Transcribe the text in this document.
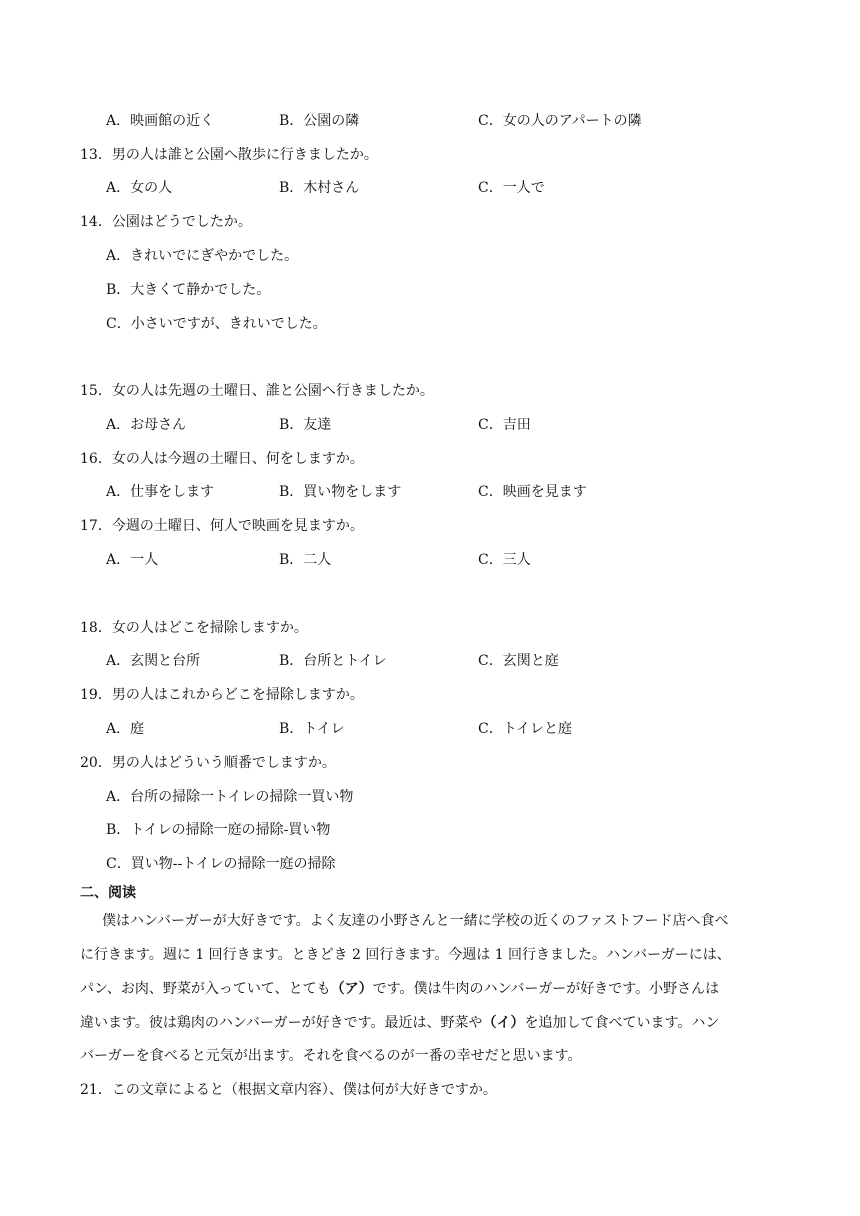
A．映画館の近く	B．公園の隣	C．女の人のアパートの隣
13．男の人は誰と公園へ散歩に行きましたか。
A．女の人	B．木村さん	C．一人で
14．公園はどうでしたか。
A．きれいでにぎやかでした。
B．大きくて静かでした。
C．小さいですが、きれいでした。
15．女の人は先週の土曜日、誰と公園へ行きましたか。
A．お母さん	B．友達	C．吉田
16．女の人は今週の土曜日、何をしますか。
A．仕事をします	B．買い物をします	C．映画を見ます
17．今週の土曜日、何人で映画を見ますか。
A．一人	B．二人	C．三人
18．女の人はどこを掃除しますか。
A．玄関と台所	B．台所とトイレ	C．玄関と庭
19．男の人はこれからどこを掃除しますか。
A．庭	B．トイレ	C．トイレと庭
20．男の人はどういう順番でしますか。
A．台所の掃除一トイレの掃除一買い物
B．トイレの掃除一庭の掃除-買い物
C．買い物--トイレの掃除一庭の掃除
二、阅读
僕はハンバーガーが大好きです。よく友達の小野さんと一緒に学校の近くのファストフード店へ食べ
に行きます。週に 1 回行きます。ときどき 2 回行きます。今週は 1 回行きました。ハンバーガーには、
パン、お肉、野菜が入っていて、とても（ア）です。僕は牛肉のハンバーガーが好きです。小野さんは
違います。彼は鶏肉のハンバーガーが好きです。最近は、野菜や（イ）を追加して食べています。ハン
バーガーを食べると元気が出ます。それを食べるのが一番の幸せだと思います。
21．この文章によると（根据文章内容）、僕は何が大好きですか。
